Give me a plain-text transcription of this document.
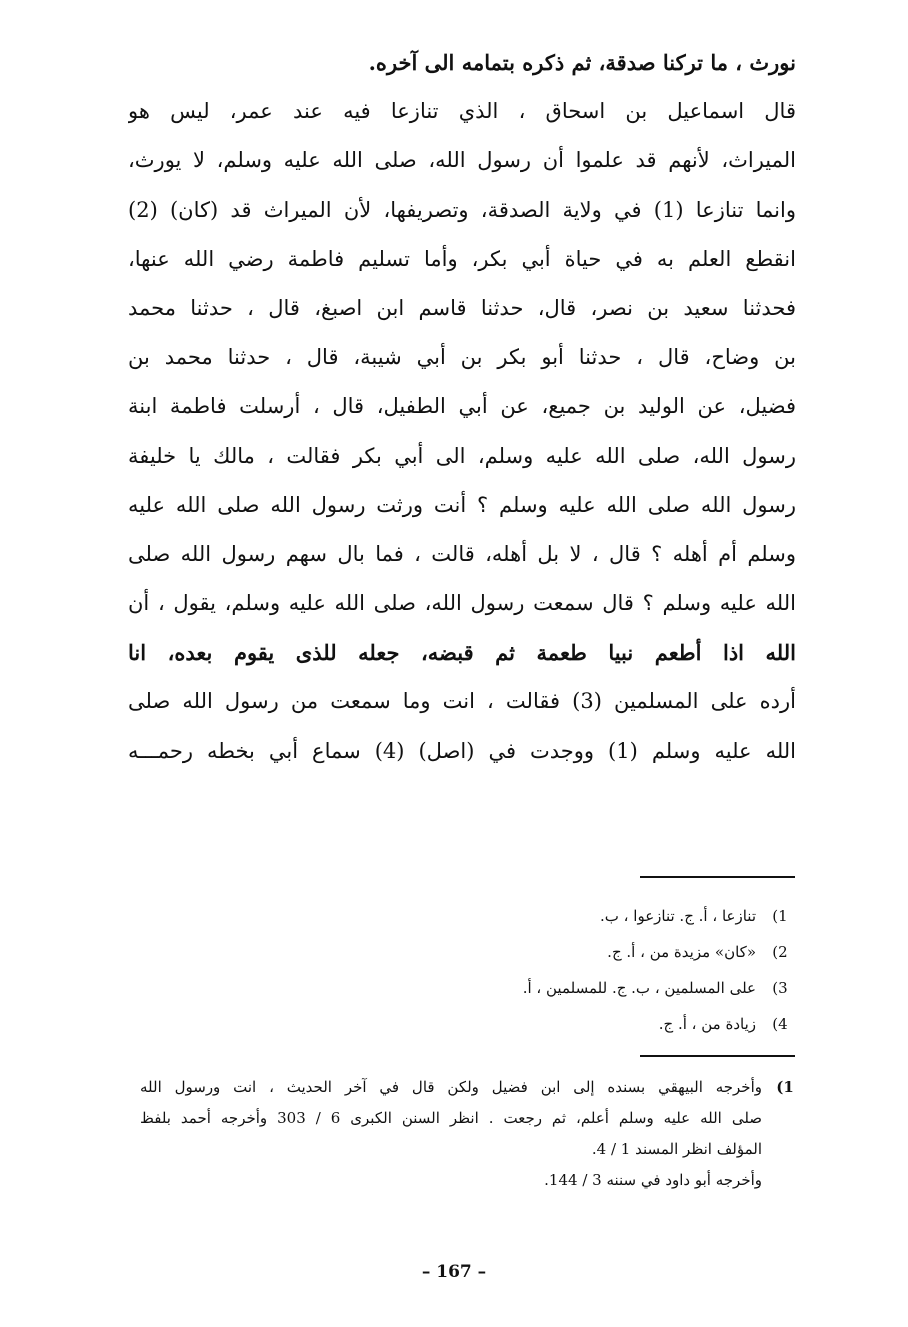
نورث ، ما تركنا صدقة، ثم ذكره بتمامه الى آخره.
قال اسماعيل بن اسحاق ، الذي تنازعا فيه عند عمر، ليس هو
الميراث، لأنهم قد علموا أن رسول الله، صلى الله عليه وسلم، لا يورث،
وانما تنازعا (1) في ولاية الصدقة، وتصريفها، لأن الميراث قد (كان) (2)
انقطع العلم به في حياة أبي بكر، وأما تسليم فاطمة رضي الله عنها،
فحدثنا سعيد بن نصر، قال، حدثنا قاسم ابن اصبغ، قال ، حدثنا محمد
بن وضاح، قال ، حدثنا أبو بكر بن أبي شيبة، قال ، حدثنا محمد بن
فضيل، عن الوليد بن جميع، عن أبي الطفيل، قال ، أرسلت فاطمة ابنة
رسول الله، صلى الله عليه وسلم، الى أبي بكر فقالت ، مالك يا خليفة
رسول الله صلى الله عليه وسلم ؟ أنت ورثت رسول الله صلى الله عليه
وسلم أم أهله ؟ قال ، لا بل أهله، قالت ، فما بال سهم رسول الله صلى
الله عليه وسلم ؟ قال سمعت رسول الله، صلى الله عليه وسلم، يقول ، أن
الله اذا أطعم نبيا طعمة ثم قبضه، جعله للذى يقوم بعده، انا
أرده على المسلمين (3) فقالت ، انت وما سمعت من رسول الله صلى
الله عليه وسلم (1) ووجدت في (اصل) (4) سماع أبي بخطه رحمـــه
(1
تنازعا ، أ. ج. تنازعوا ، ب.
(2
«كان» مزيدة من ، أ. ج.
(3
على المسلمين ، ب. ج. للمسلمين ، أ.
(4
زيادة من ، أ. ج.
(1
وأخرجه البيهقي بسنده إلى ابن فضيل ولكن قال في آخر الحديث ، انت ورسول الله
صلى الله عليه وسلم أعلم، ثم رجعت . انظر السنن الكبرى 6 / 303 وأخرجه أحمد بلفظ
المؤلف انظر المسند 1 / 4.
وأخرجه أبو داود في سننه 3 / 144.
– 167 –
